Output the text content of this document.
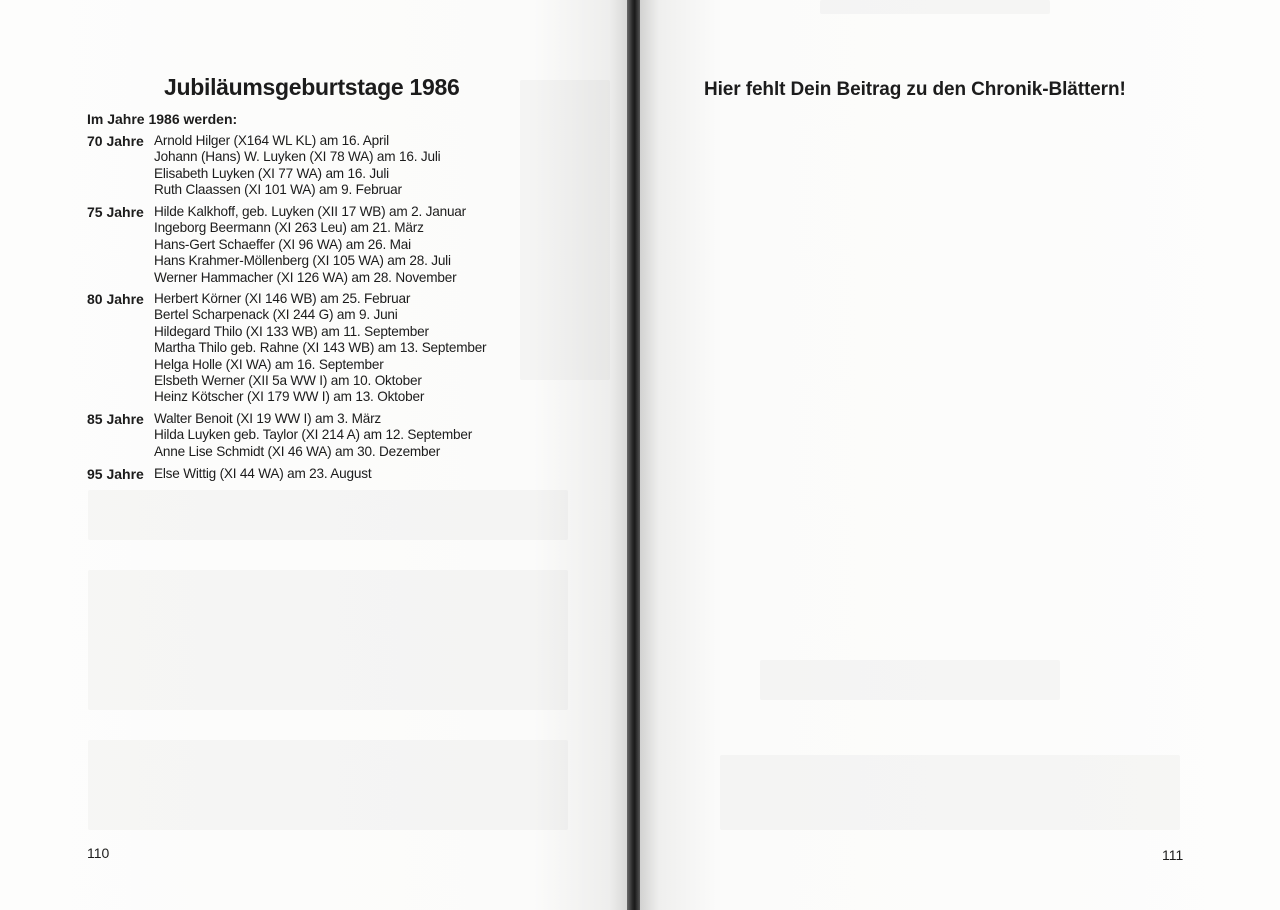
Jubiläumsgeburtstage 1986
Im Jahre 1986 werden:
70 Jahre Arnold Hilger (X164 WL KL) am 16. April
Johann (Hans) W. Luyken (XI 78 WA) am 16. Juli
Elisabeth Luyken (XI 77 WA) am 16. Juli
Ruth Claassen (XI 101 WA) am 9. Februar
75 Jahre Hilde Kalkhoff, geb. Luyken (XII 17 WB) am 2. Januar
Ingeborg Beermann (XI 263 Leu) am 21. März
Hans-Gert Schaeffer (XI 96 WA) am 26. Mai
Hans Krahmer-Möllenberg (XI 105 WA) am 28. Juli
Werner Hammacher (XI 126 WA) am 28. November
80 Jahre Herbert Körner (XI 146 WB) am 25. Februar
Bertel Scharpenack (XI 244 G) am 9. Juni
Hildegard Thilo (XI 133 WB) am 11. September
Martha Thilo geb. Rahne (XI 143 WB) am 13. September
Helga Holle (XI WA) am 16. September
Elsbeth Werner (XII 5a WW I) am 10. Oktober
Heinz Kötscher (XI 179 WW I) am 13. Oktober
85 Jahre Walter Benoit (XI 19 WW I) am 3. März
Hilda Luyken geb. Taylor (XI 214 A) am 12. September
Anne Lise Schmidt (XI 46 WA) am 30. Dezember
95 Jahre Else Wittig (XI 44 WA) am 23. August
110
Hier fehlt Dein Beitrag zu den Chronik-Blättern!
111
